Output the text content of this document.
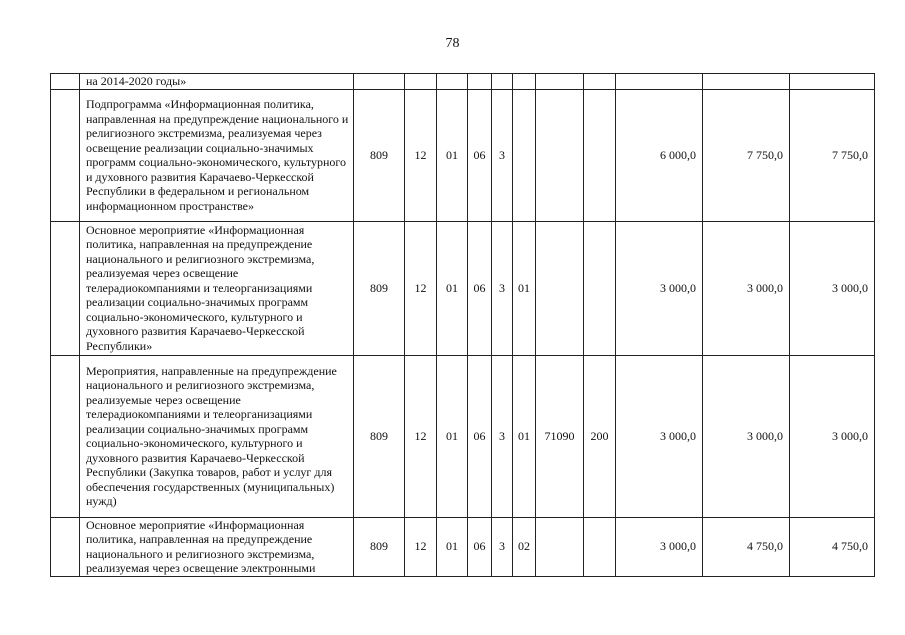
78
	на 2014-2020 годы»											
	Подпрограмма «Информационная политика, направленная на предупреждение национального и религиозного экстремизма, реализуемая через освещение реализации социально-значимых программ социально-экономического, культурного и духовного развития Карачаево-Черкесской Республики в федеральном и региональном информационном пространстве»	809	12	01	06	3				6 000,0	7 750,0	7 750,0
	Основное мероприятие «Информационная политика, направленная на предупреждение национального и религиозного экстремизма, реализуемая через освещение телерадиокомпаниями и телеорганизациями реализации социально-значимых программ социально-экономического, культурного и духовного развития Карачаево-Черкесской Республики»	809	12	01	06	3	01			3 000,0	3 000,0	3 000,0
	Мероприятия, направленные на предупреждение национального и религиозного экстремизма, реализуемые через освещение телерадиокомпаниями и телеорганизациями реализации социально-значимых программ социально-экономического, культурного и духовного развития Карачаево-Черкесской Республики (Закупка товаров, работ и услуг для обеспечения государственных (муниципальных) нужд)	809	12	01	06	3	01	71090	200	3 000,0	3 000,0	3 000,0
	Основное мероприятие «Информационная политика, направленная на предупреждение национального и религиозного экстремизма, реализуемая через освещение электронными	809	12	01	06	3	02			3 000,0	4 750,0	4 750,0
